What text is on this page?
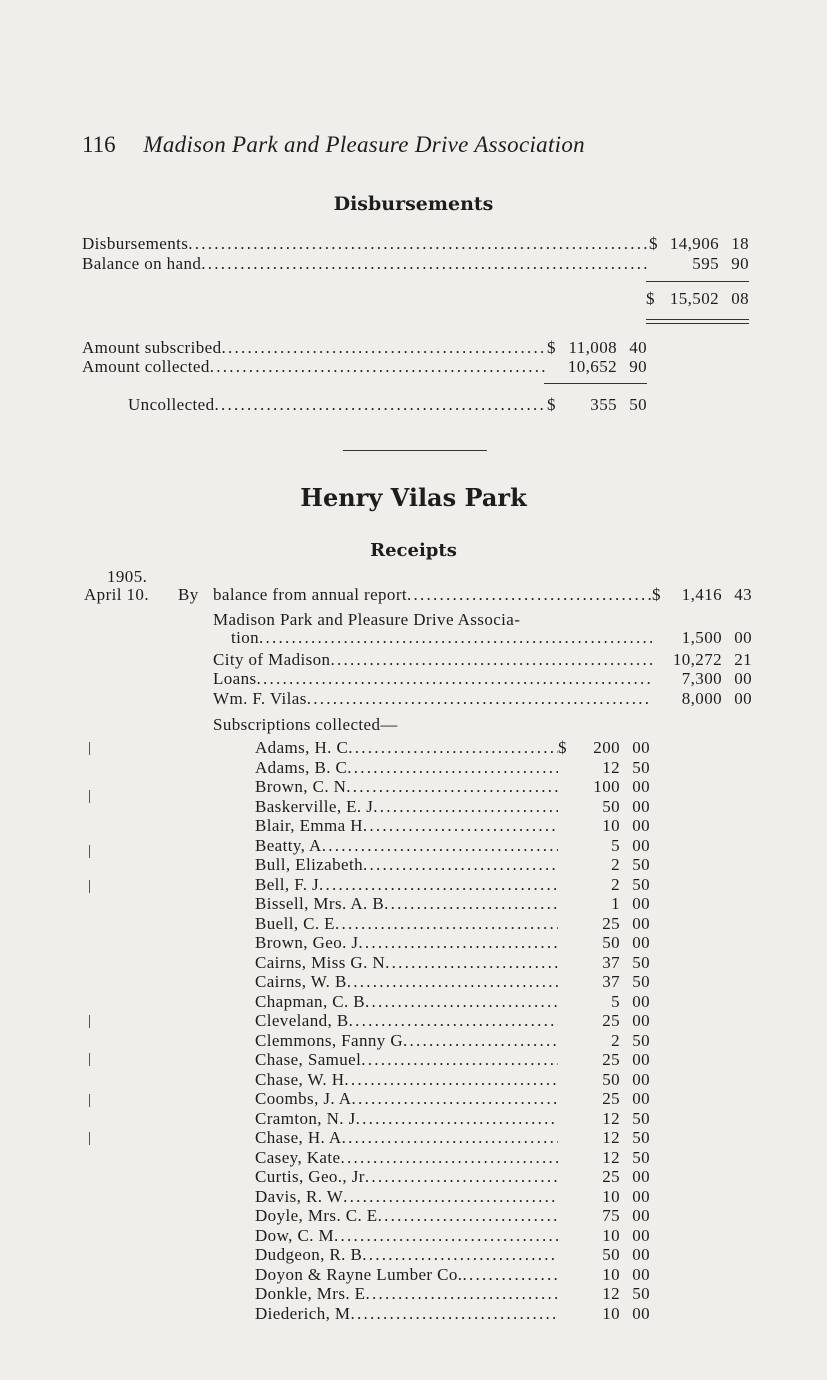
116 Madison Park and Pleasure Drive Association
Disbursements
Disbursements . . .	$ 14,906 18
Balance on hand . . .	595 90
$ 15,502 08
Amount subscribed . . .	$ 11,008 40
Amount collected . . .	10,652 90
Uncollected . . .	$	355 50
Henry Vilas Park
Receipts
1905.
April 10. By balance from annual report . . .	$	1,416 43
Madison Park and Pleasure Drive Associa-
tion . . .	1,500 00
City of Madison . . .	10,272 21
Loans . . .	7,300 00
Wm. F. Vilas . . .	8,000 00
Subscriptions collected—
Adams, H. C . . .	$	200 00
Adams, B. C . . .	12 50
Brown, C. N . . .	100 00
Baskerville, E. J . . .	50 00
Blair, Emma H . . .	10 00
Beatty, A . . .	5 00
Bull, Elizabeth . . .	2 50
Bell, F. J . . .	2 50
Bissell, Mrs. A. B . . .	1 00
Buell, C. E . . .	25 00
Brown, Geo. J . . .	50 00
Cairns, Miss G. N . . .	37 50
Cairns, W. B . . .	37 50
Chapman, C. B . . .	5 00
Cleveland, B . . .	25 00
Clemmons, Fanny G . . .	2 50
Chase, Samuel . . .	25 00
Chase, W. H . . .	50 00
Coombs, J. A . . .	25 00
Cramton, N. J . . .	12 50
Chase, H. A . . .	12 50
Casey, Kate . . .	12 50
Curtis, Geo., Jr . . .	25 00
Davis, R. W . . .	10 00
Doyle, Mrs. C. E . . .	75 00
Dow, C. M . . .	10 00
Dudgeon, R. B . . .	50 00
Doyon & Rayne Lumber Co. . . .	10 00
Donkle, Mrs. E . . .	12 50
Diederich, M . . .	10 00
